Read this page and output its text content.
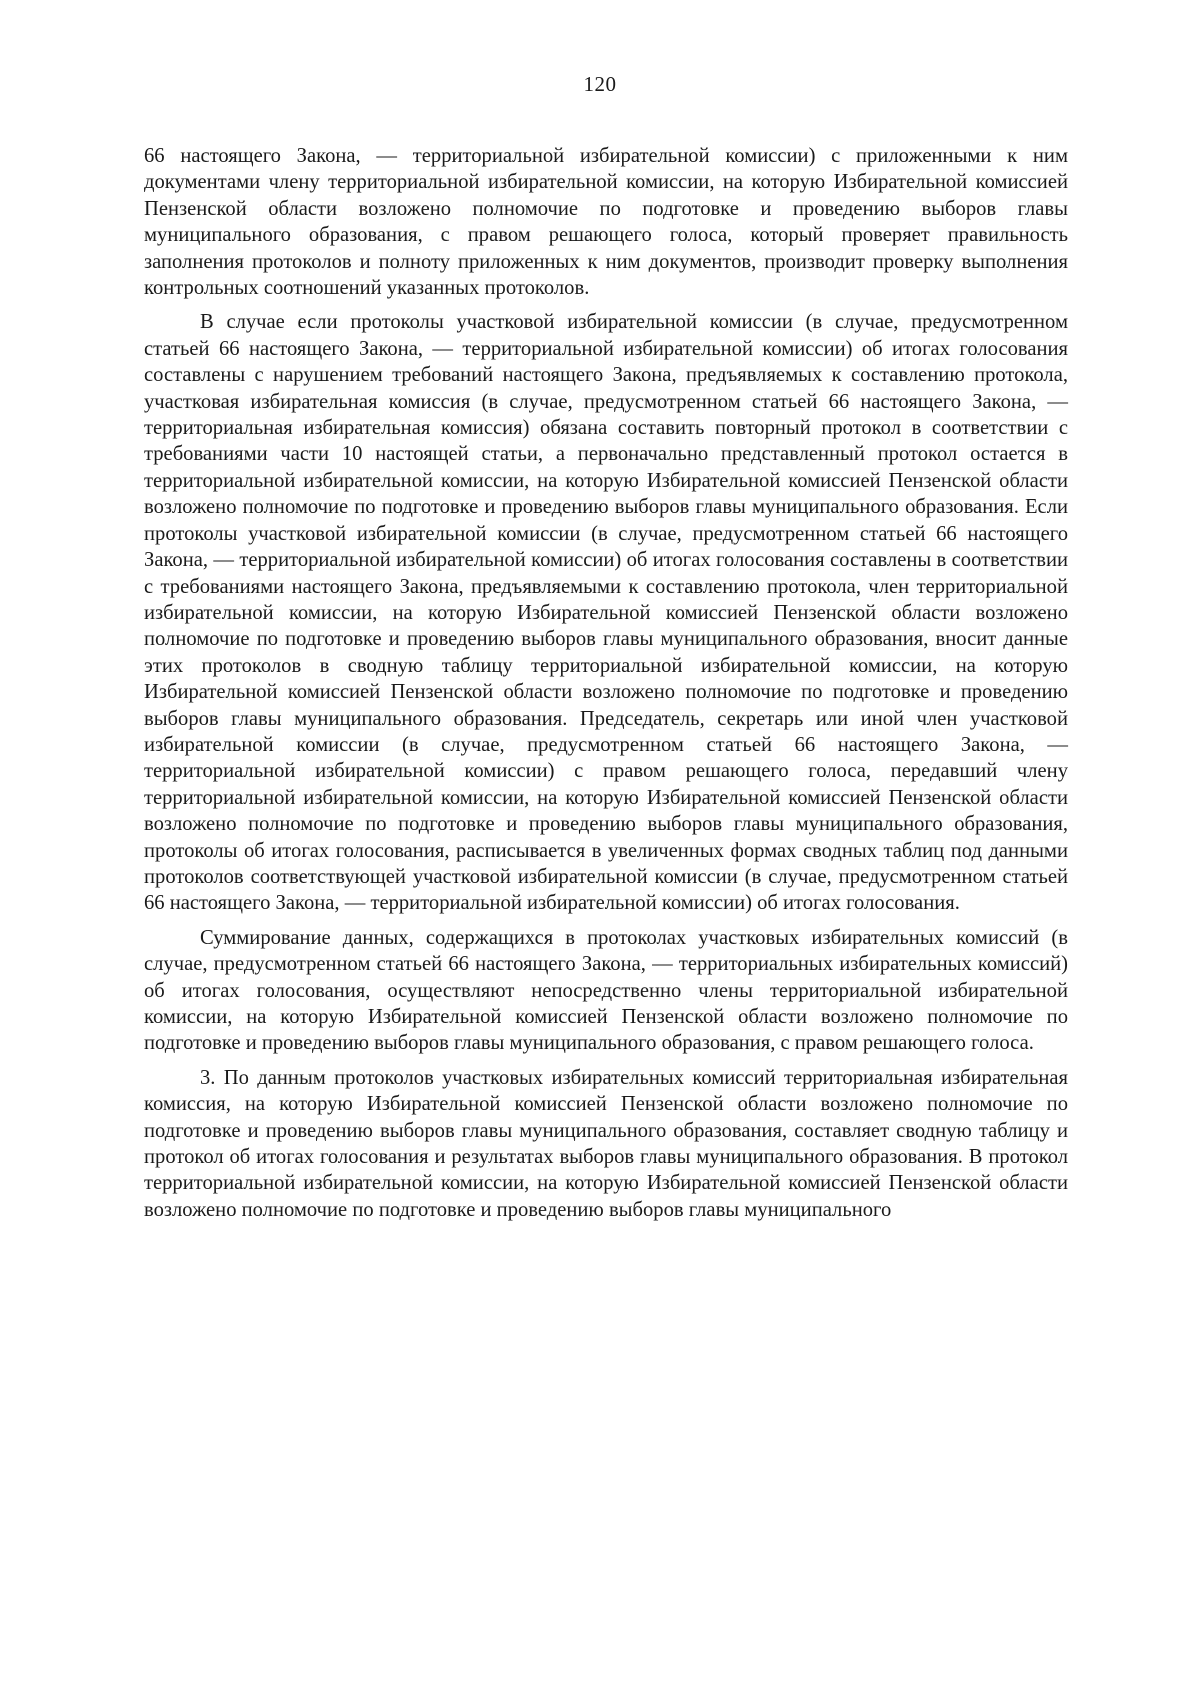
120

66 настоящего Закона, — территориальной избирательной комиссии) с приложенными к ним документами члену территориальной избирательной комиссии, на которую Избирательной комиссией Пензенской области возложено полномочие по подготовке и проведению выборов главы муниципального образования, с правом решающего голоса, который проверяет правильность заполнения протоколов и полноту приложенных к ним документов, производит проверку выполнения контрольных соотношений указанных протоколов.

В случае если протоколы участковой избирательной комиссии (в случае, предусмотренном статьей 66 настоящего Закона, — территориальной избирательной комиссии) об итогах голосования составлены с нарушением требований настоящего Закона, предъявляемых к составлению протокола, участковая избирательная комиссия (в случае, предусмотренном статьей 66 настоящего Закона, — территориальная избирательная комиссия) обязана составить повторный протокол в соответствии с требованиями части 10 настоящей статьи, а первоначально представленный протокол остается в территориальной избирательной комиссии, на которую Избирательной комиссией Пензенской области возложено полномочие по подготовке и проведению выборов главы муниципального образования. Если протоколы участковой избирательной комиссии (в случае, предусмотренном статьей 66 настоящего Закона, — территориальной избирательной комиссии) об итогах голосования составлены в соответствии с требованиями настоящего Закона, предъявляемыми к составлению протокола, член территориальной избирательной комиссии, на которую Избирательной комиссией Пензенской области возложено полномочие по подготовке и проведению выборов главы муниципального образования, вносит данные этих протоколов в сводную таблицу территориальной избирательной комиссии, на которую Избирательной комиссией Пензенской области возложено полномочие по подготовке и проведению выборов главы муниципального образования. Председатель, секретарь или иной член участковой избирательной комиссии (в случае, предусмотренном статьей 66 настоящего Закона, — территориальной избирательной комиссии) с правом решающего голоса, передавший члену территориальной избирательной комиссии, на которую Избирательной комиссией Пензенской области возложено полномочие по подготовке и проведению выборов главы муниципального образования, протоколы об итогах голосования, расписывается в увеличенных формах сводных таблиц под данными протоколов соответствующей участковой избирательной комиссии (в случае, предусмотренном статьей 66 настоящего Закона, — территориальной избирательной комиссии) об итогах голосования.

Суммирование данных, содержащихся в протоколах участковых избирательных комиссий (в случае, предусмотренном статьей 66 настоящего Закона, — территориальных избирательных комиссий) об итогах голосования, осуществляют непосредственно члены территориальной избирательной комиссии, на которую Избирательной комиссией Пензенской области возложено полномочие по подготовке и проведению выборов главы муниципального образования, с правом решающего голоса.

3. По данным протоколов участковых избирательных комиссий территориальная избирательная комиссия, на которую Избирательной комиссией Пензенской области возложено полномочие по подготовке и проведению выборов главы муниципального образования, составляет сводную таблицу и протокол об итогах голосования и результатах выборов главы муниципального образования. В протокол территориальной избирательной комиссии, на которую Избирательной комиссией Пензенской области возложено полномочие по подготовке и проведению выборов главы муниципального
